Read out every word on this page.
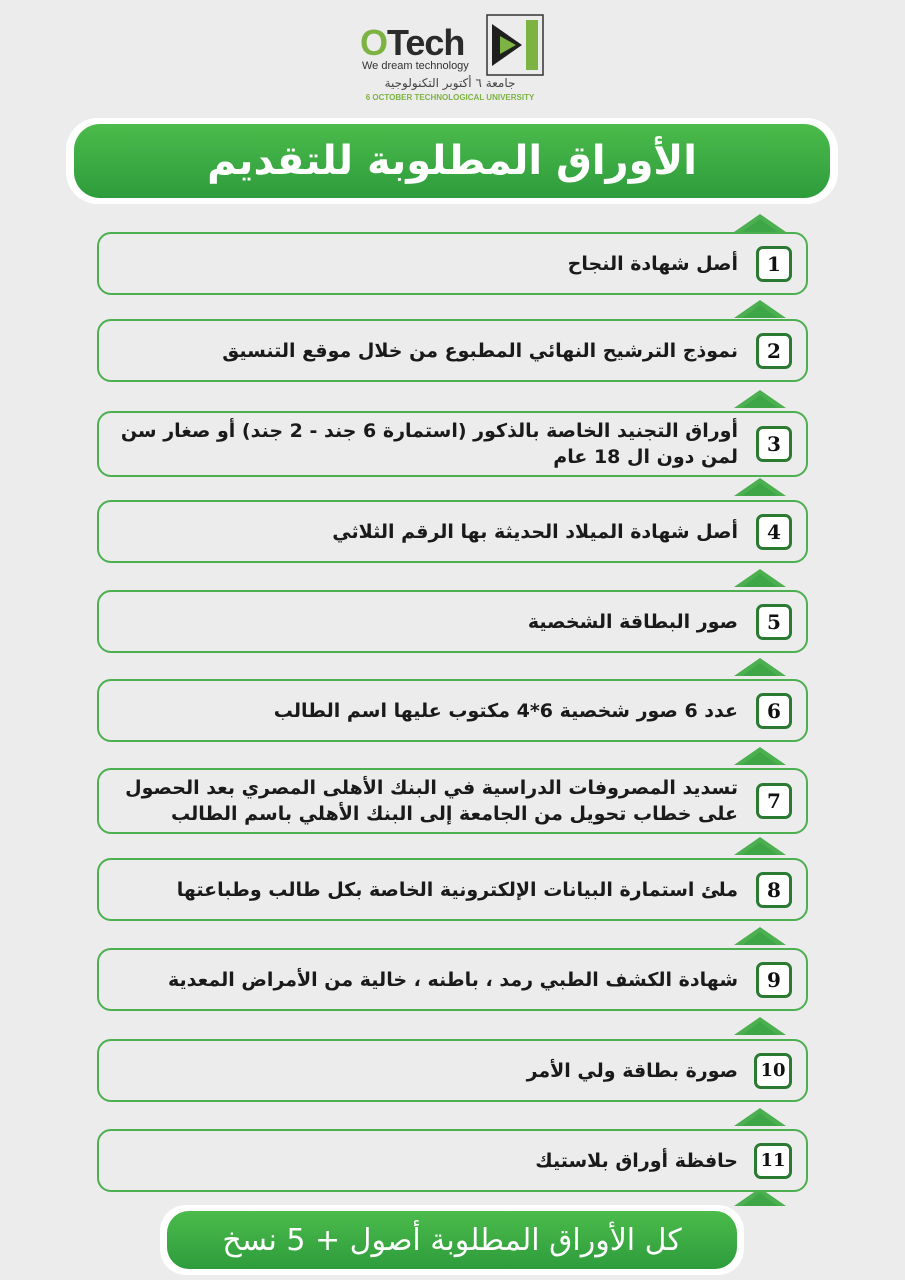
OTech
We dream technology
جامعة ٦ أكتوبر التكنولوجية
6 OCTOBER TECHNOLOGICAL UNIVERSITY
الأوراق المطلوبة للتقديم
1
أصل شهادة النجاح
2
نموذج الترشيح النهائي المطبوع من خلال موقع التنسيق
3
أوراق التجنيد الخاصة بالذكور (استمارة 6 جند - 2 جند) أو صغار سن لمن دون ال 18 عام
4
أصل شهادة الميلاد الحديثة بها الرقم الثلاثي
5
صور البطاقة الشخصية
6
عدد 6 صور شخصية 6*4 مكتوب عليها اسم الطالب
7
تسديد المصروفات الدراسية في البنك الأهلى المصري بعد الحصول على خطاب تحويل من الجامعة إلى البنك الأهلي باسم الطالب
8
ملئ استمارة البيانات الإلكترونية الخاصة بكل طالب وطباعتها
9
شهادة الكشف الطبي رمد ، باطنه ، خالية من الأمراض المعدية
10
صورة بطاقة ولي الأمر
11
حافظة أوراق بلاستيك
كل الأوراق المطلوبة أصول + 5 نسخ
